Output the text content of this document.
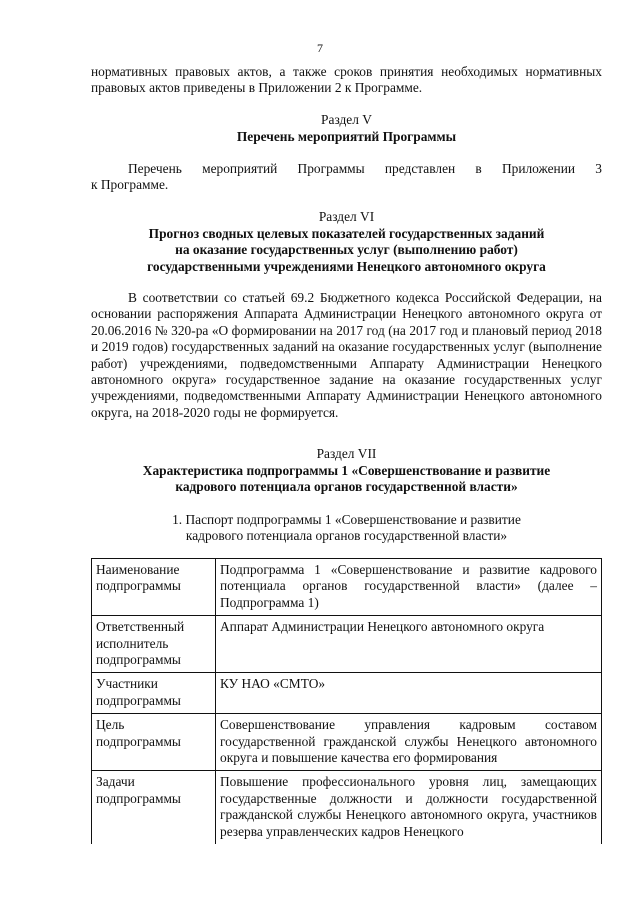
7
нормативных правовых актов, а также сроков принятия необходимых нормативных
правовых актов приведены в Приложении 2 к Программе.
Раздел V
Перечень мероприятий Программы
Перечень мероприятий Программы представлен в Приложении 3
к Программе.
Раздел VI
Прогноз сводных целевых показателей государственных заданий
на оказание государственных услуг (выполнению работ)
государственными учреждениями Ненецкого автономного округа
В соответствии со статьей 69.2 Бюджетного кодекса Российской Федерации, на основании распоряжения Аппарата Администрации Ненецкого автономного округа от 20.06.2016 № 320-ра «О формировании на 2017 год (на 2017 год и плановый период 2018 и 2019 годов) государственных заданий на оказание государственных услуг (выполнение работ) учреждениями, подведомственными Аппарату Администрации Ненецкого автономного округа» государственное задание на оказание государственных услуг учреждениями, подведомственными Аппарату Администрации Ненецкого автономного округа, на 2018-2020 годы не формируется.
Раздел VII
Характеристика подпрограммы 1 «Совершенствование и развитие
кадрового потенциала органов государственной власти»
1. Паспорт подпрограммы 1 «Совершенствование и развитие
кадрового потенциала органов государственной власти»
Наименование подпрограммы	Подпрограмма 1 «Совершенствование и развитие кадрового потенциала органов государственной власти» (далее – Подпрограмма 1)
Ответственный исполнитель подпрограммы	Аппарат Администрации Ненецкого автономного округа
Участники подпрограммы	КУ НАО «СМТО»
Цель подпрограммы	Совершенствование управления кадровым составом государственной гражданской службы Ненецкого автономного округа и повышение качества его формирования
Задачи подпрограммы	Повышение профессионального уровня лиц, замещающих государственные должности и должности государственной гражданской службы Ненецкого автономного округа, участников резерва управленческих кадров Ненецкого
